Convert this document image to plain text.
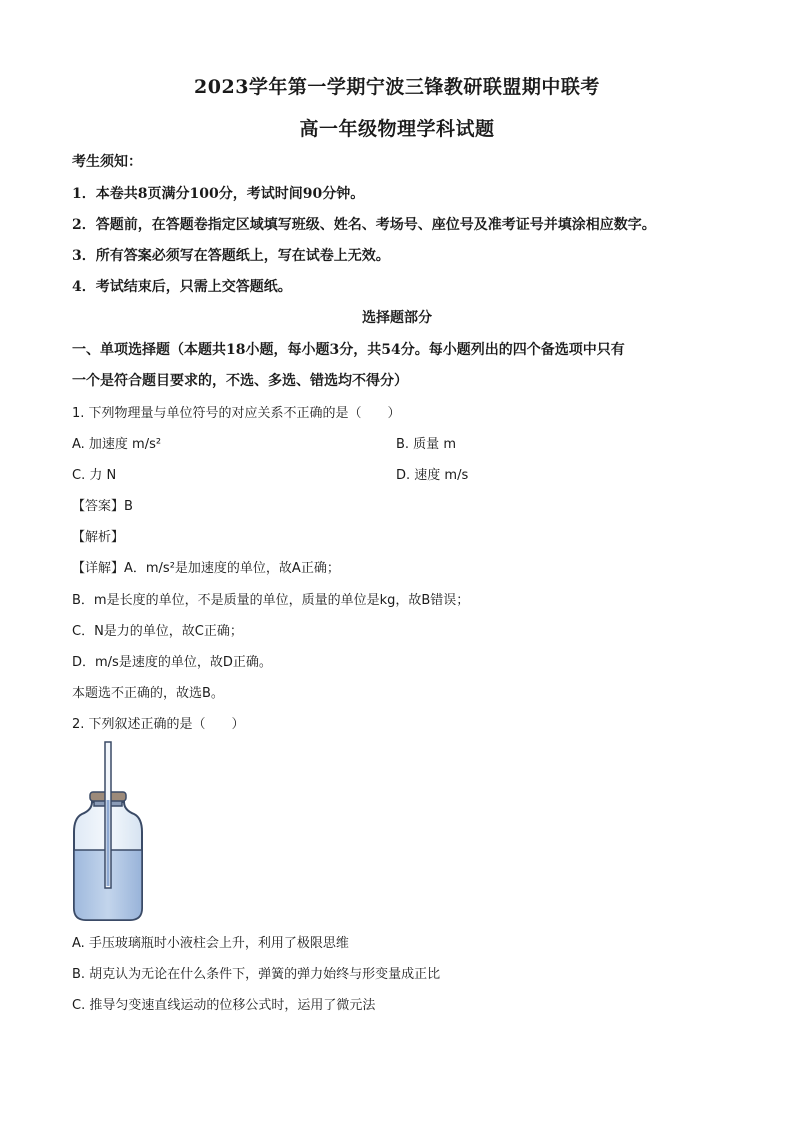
2023学年第一学期宁波三锋教研联盟期中联考
高一年级物理学科试题
考生须知：
1．本卷共8页满分100分，考试时间90分钟。
2．答题前，在答题卷指定区域填写班级、姓名、考场号、座位号及准考证号并填涂相应数字。
3．所有答案必须写在答题纸上，写在试卷上无效。
4．考试结束后，只需上交答题纸。
选择题部分
一、单项选择题（本题共18小题，每小题3分，共54分。每小题列出的四个备选项中只有
一个是符合题目要求的，不选、多选、错选均不得分）
1. 下列物理量与单位符号的对应关系不正确的是（　　）
A. 加速度 m/s²	B. 质量 m
C. 力 N	D. 速度 m/s
【答案】B
【解析】
【详解】A．m/s²是加速度的单位，故A正确；
B．m是长度的单位，不是质量的单位，质量的单位是kg，故B错误；
C．N是力的单位，故C正确；
D．m/s是速度的单位，故D正确。
本题选不正确的，故选B。
2. 下列叙述正确的是（　　）
A. 手压玻璃瓶时小液柱会上升，利用了极限思维
B. 胡克认为无论在什么条件下，弹簧的弹力始终与形变量成正比
C. 推导匀变速直线运动的位移公式时，运用了微元法
